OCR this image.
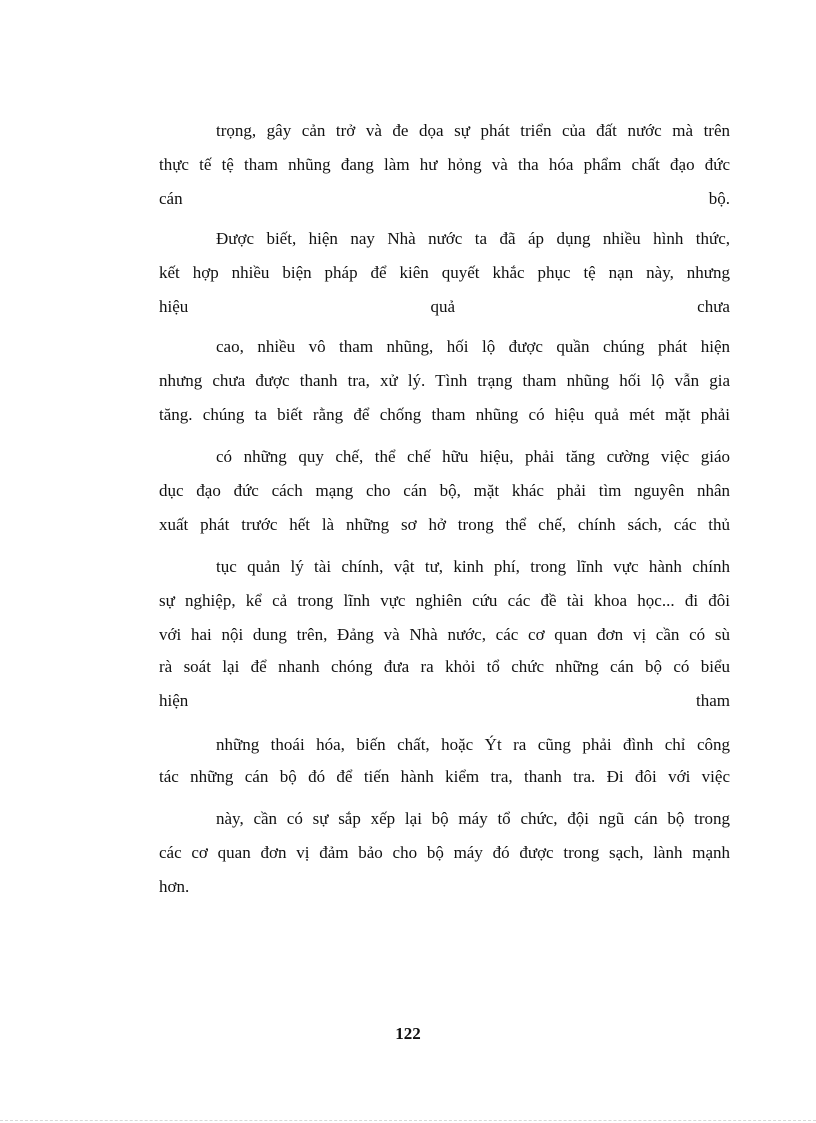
trọng, gây cản trở và đe dọa sự phát triển của đất nước mà trên
thực tế tệ tham nhũng đang làm hư hỏng và tha hóa phẩm chất đạo đức
cán	bộ.
Được biết, hiện nay Nhà nước ta đã áp dụng nhiều hình thức,
kết hợp nhiều biện pháp để kiên quyết khắc phục tệ nạn này, nhưng
hiệu	quả	chưa
cao, nhiều vô tham nhũng, hối lộ được quần chúng phát hiện
nhưng chưa được thanh tra, xử lý. Tình trạng tham nhũng hối lộ vẫn gia
tăng. chúng ta biết rằng để chống tham nhũng có hiệu quả mét mặt phải
có những quy chế, thể chế hữu hiệu, phải tăng cường việc giáo
dục đạo đức cách mạng cho cán bộ, mặt khác phải tìm nguyên nhân
xuất phát trước hết là những sơ hở trong thể chế, chính sách, các thủ
tục quản lý tài chính, vật tư, kinh phí, trong lĩnh vực hành chính
sự nghiệp, kể cả trong lĩnh vực nghiên cứu các đề tài khoa học... đi đôi
với hai nội dung trên, Đảng và Nhà nước, các cơ quan đơn vị cần có sù
rà soát lại để nhanh chóng đưa ra khỏi tổ chức những cán bộ có biểu
hiện	tham
những thoái hóa, biến chất, hoặc Ýt ra cũng phải đình chỉ công
tác những cán bộ đó để tiến hành kiểm tra, thanh tra. Đi đôi với việc
này, cần có sự sắp xếp lại bộ máy tổ chức, đội ngũ cán bộ trong
các cơ quan đơn vị đảm bảo cho bộ máy đó được trong sạch, lành mạnh
hơn.
122
